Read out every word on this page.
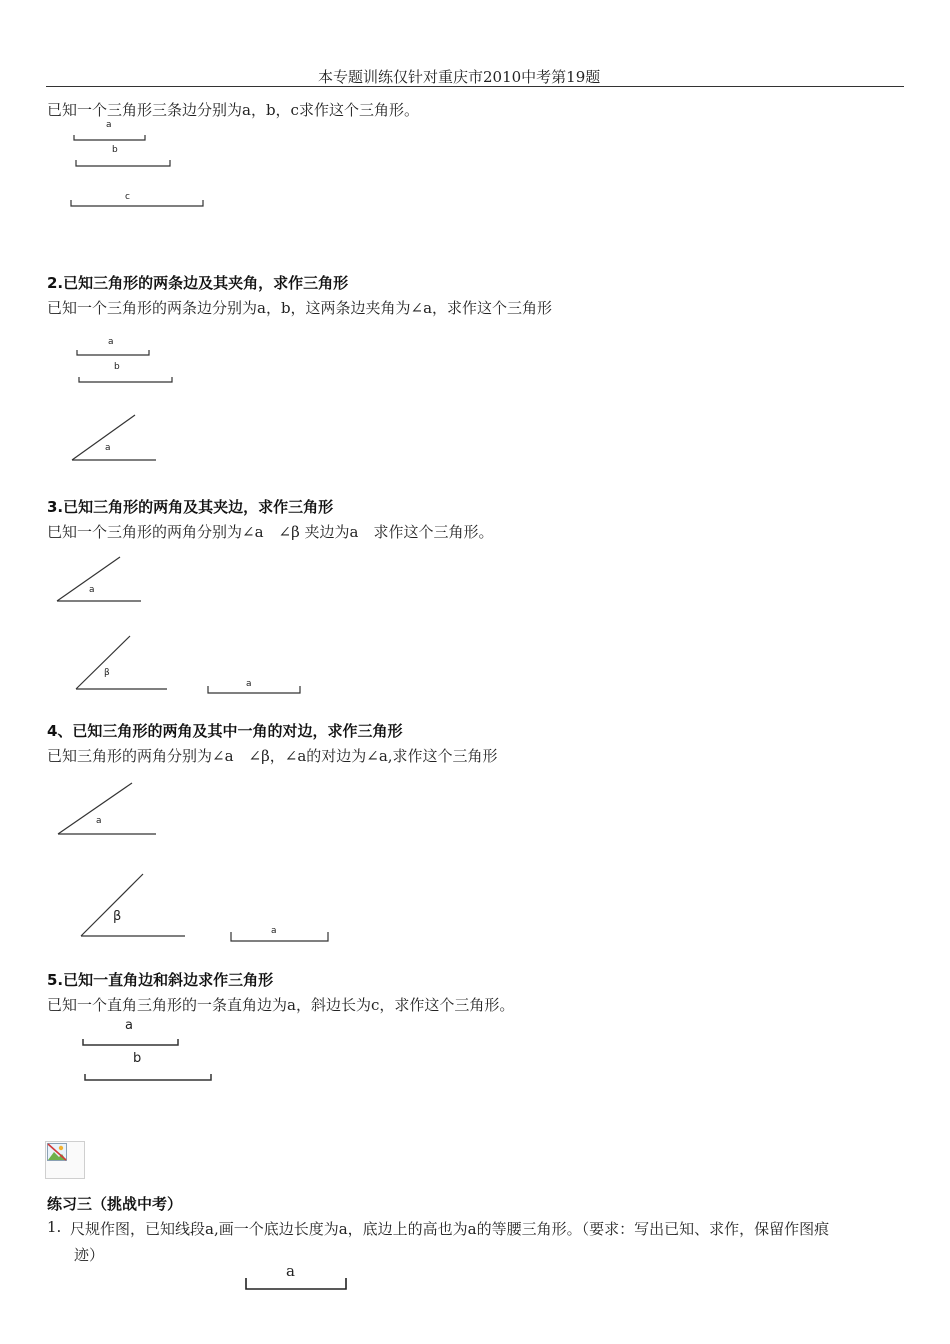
本专题训练仅针对重庆市2010中考第19题
已知一个三角形三条边分别为a，b，c求作这个三角形。
a
b
c
2.已知三角形的两条边及其夹角，求作三角形
已知一个三角形的两条边分别为a，b，这两条边夹角为∠a，求作这个三角形
a
b
a
3.已知三角形的两角及其夹边，求作三角形
巳知一个三角形的两角分别为∠a　∠β 夹边为a　求作这个三角形。
a
β
a
4、已知三角形的两角及其中一角的对边，求作三角形
已知三角形的两角分别为∠a　∠β，∠a的对边为∠a,求作这个三角形
a
β
a
5.已知一直角边和斜边求作三角形
已知一个直角三角形的一条直角边为a，斜边长为c，求作这个三角形。
a
b
练习三（挑战中考）
1. 尺规作图，已知线段a,画一个底边长度为a，底边上的高也为a的等腰三角形。（要求：写出已知、求作，保留作图痕
迹）
a
